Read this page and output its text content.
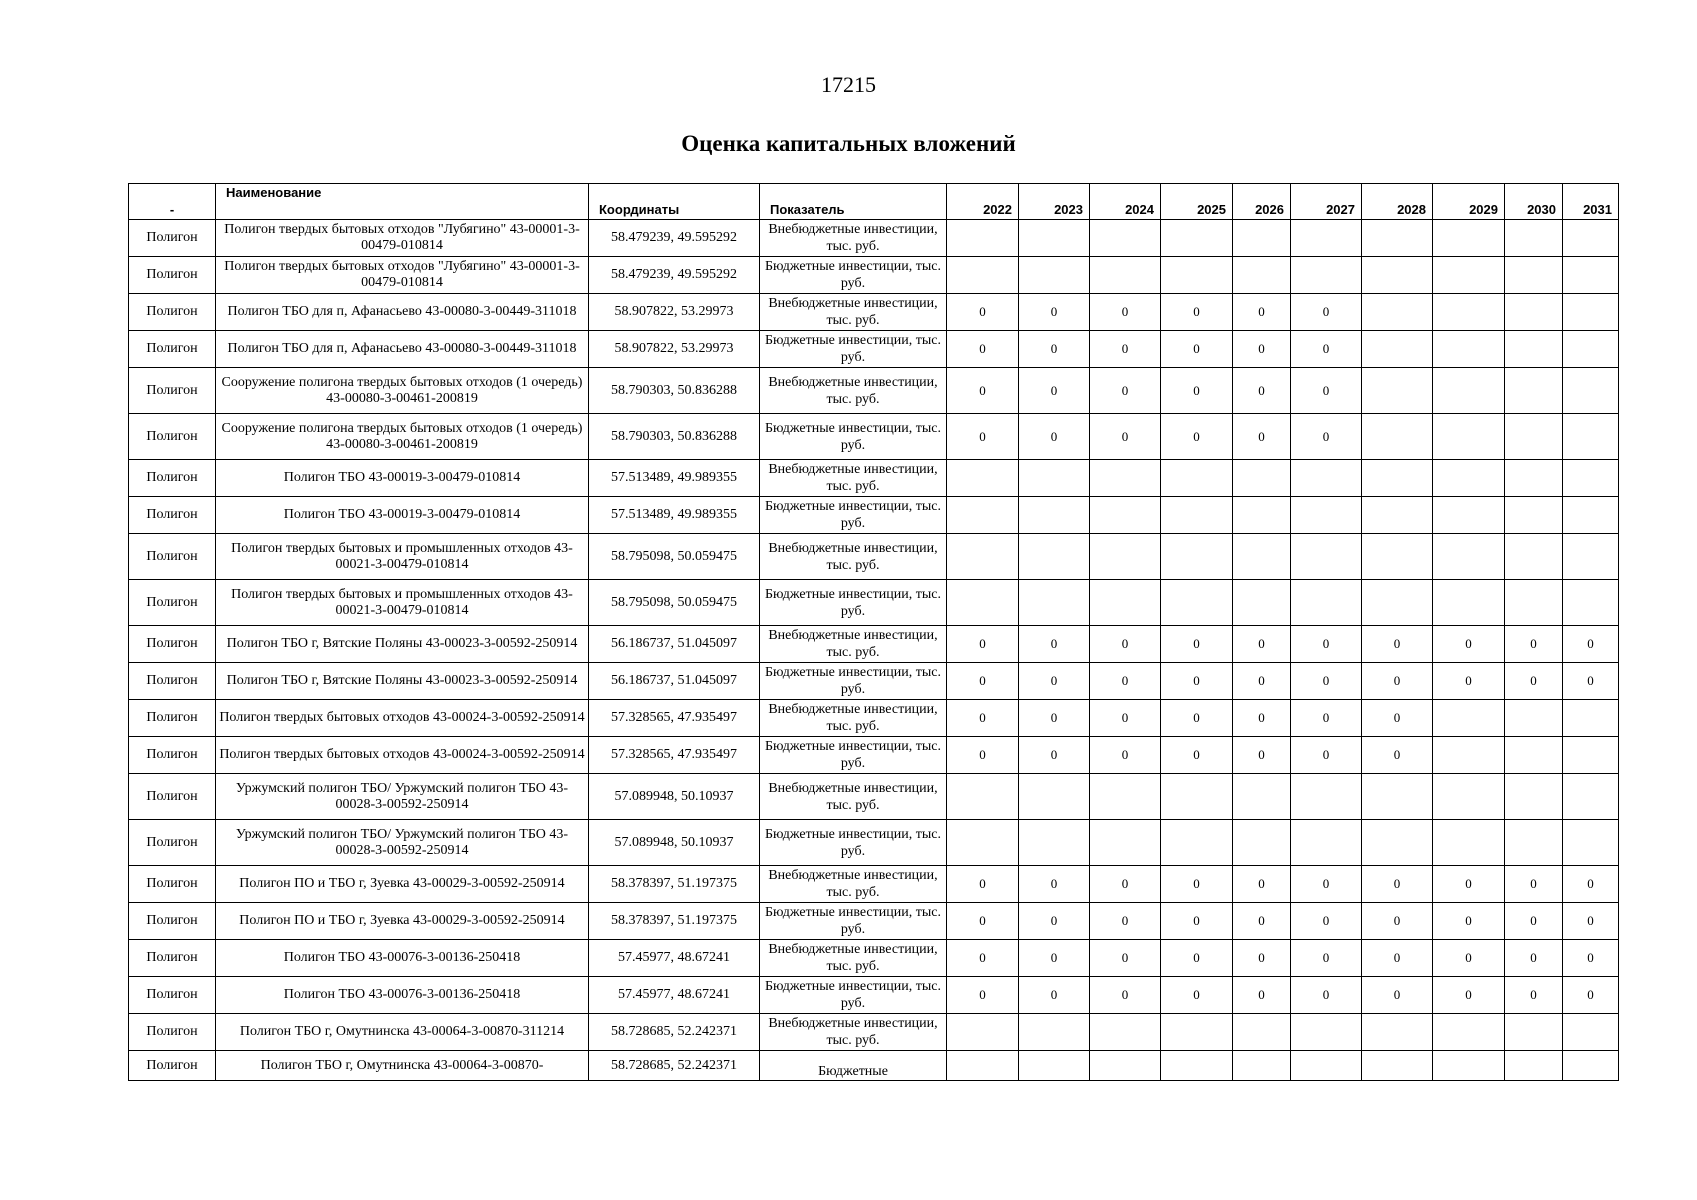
17215
Оценка капитальных вложений
-	Наименование	Координаты	Показатель	2022	2023	2024	2025	2026	2027	2028	2029	2030	2031
Полигон	Полигон твердых бытовых отходов "Лубягино" 43-00001-3-00479-010814	58.479239, 49.595292	Внебюджетные инвестиции, тыс. руб.										
Полигон	Полигон твердых бытовых отходов "Лубягино" 43-00001-3-00479-010814	58.479239, 49.595292	Бюджетные инвестиции, тыс. руб.										
Полигон	Полигон ТБО для п, Афанасьево 43-00080-3-00449-311018	58.907822, 53.29973	Внебюджетные инвестиции, тыс. руб.	0	0	0	0	0	0				
Полигон	Полигон ТБО для п, Афанасьево 43-00080-3-00449-311018	58.907822, 53.29973	Бюджетные инвестиции, тыс. руб.	0	0	0	0	0	0				
Полигон	Сооружение полигона твердых бытовых отходов (1 очередь) 43-00080-3-00461-200819	58.790303, 50.836288	Внебюджетные инвестиции, тыс. руб.	0	0	0	0	0	0				
Полигон	Сооружение полигона твердых бытовых отходов (1 очередь) 43-00080-3-00461-200819	58.790303, 50.836288	Бюджетные инвестиции, тыс. руб.	0	0	0	0	0	0				
Полигон	Полигон ТБО 43-00019-3-00479-010814	57.513489, 49.989355	Внебюджетные инвестиции, тыс. руб.										
Полигон	Полигон ТБО 43-00019-3-00479-010814	57.513489, 49.989355	Бюджетные инвестиции, тыс. руб.										
Полигон	Полигон твердых бытовых и промышленных отходов 43-00021-3-00479-010814	58.795098, 50.059475	Внебюджетные инвестиции, тыс. руб.										
Полигон	Полигон твердых бытовых и промышленных отходов 43-00021-3-00479-010814	58.795098, 50.059475	Бюджетные инвестиции, тыс. руб.										
Полигон	Полигон ТБО г, Вятские Поляны 43-00023-3-00592-250914	56.186737, 51.045097	Внебюджетные инвестиции, тыс. руб.	0	0	0	0	0	0	0	0	0	0
Полигон	Полигон ТБО г, Вятские Поляны 43-00023-3-00592-250914	56.186737, 51.045097	Бюджетные инвестиции, тыс. руб.	0	0	0	0	0	0	0	0	0	0
Полигон	Полигон твердых бытовых отходов 43-00024-3-00592-250914	57.328565, 47.935497	Внебюджетные инвестиции, тыс. руб.	0	0	0	0	0	0	0			
Полигон	Полигон твердых бытовых отходов 43-00024-3-00592-250914	57.328565, 47.935497	Бюджетные инвестиции, тыс. руб.	0	0	0	0	0	0	0			
Полигон	Уржумский полигон ТБО/ Уржумский полигон ТБО 43-00028-3-00592-250914	57.089948, 50.10937	Внебюджетные инвестиции, тыс. руб.										
Полигон	Уржумский полигон ТБО/ Уржумский полигон ТБО 43-00028-3-00592-250914	57.089948, 50.10937	Бюджетные инвестиции, тыс. руб.										
Полигон	Полигон ПО и ТБО г, Зуевка 43-00029-3-00592-250914	58.378397, 51.197375	Внебюджетные инвестиции, тыс. руб.	0	0	0	0	0	0	0	0	0	0
Полигон	Полигон ПО и ТБО г, Зуевка 43-00029-3-00592-250914	58.378397, 51.197375	Бюджетные инвестиции, тыс. руб.	0	0	0	0	0	0	0	0	0	0
Полигон	Полигон ТБО 43-00076-3-00136-250418	57.45977, 48.67241	Внебюджетные инвестиции, тыс. руб.	0	0	0	0	0	0	0	0	0	0
Полигон	Полигон ТБО 43-00076-3-00136-250418	57.45977, 48.67241	Бюджетные инвестиции, тыс. руб.	0	0	0	0	0	0	0	0	0	0
Полигон	Полигон ТБО г, Омутнинска 43-00064-3-00870-311214	58.728685, 52.242371	Внебюджетные инвестиции, тыс. руб.										
Полигон	Полигон ТБО г, Омутнинска 43-00064-3-00870-	58.728685, 52.242371	Бюджетные										
